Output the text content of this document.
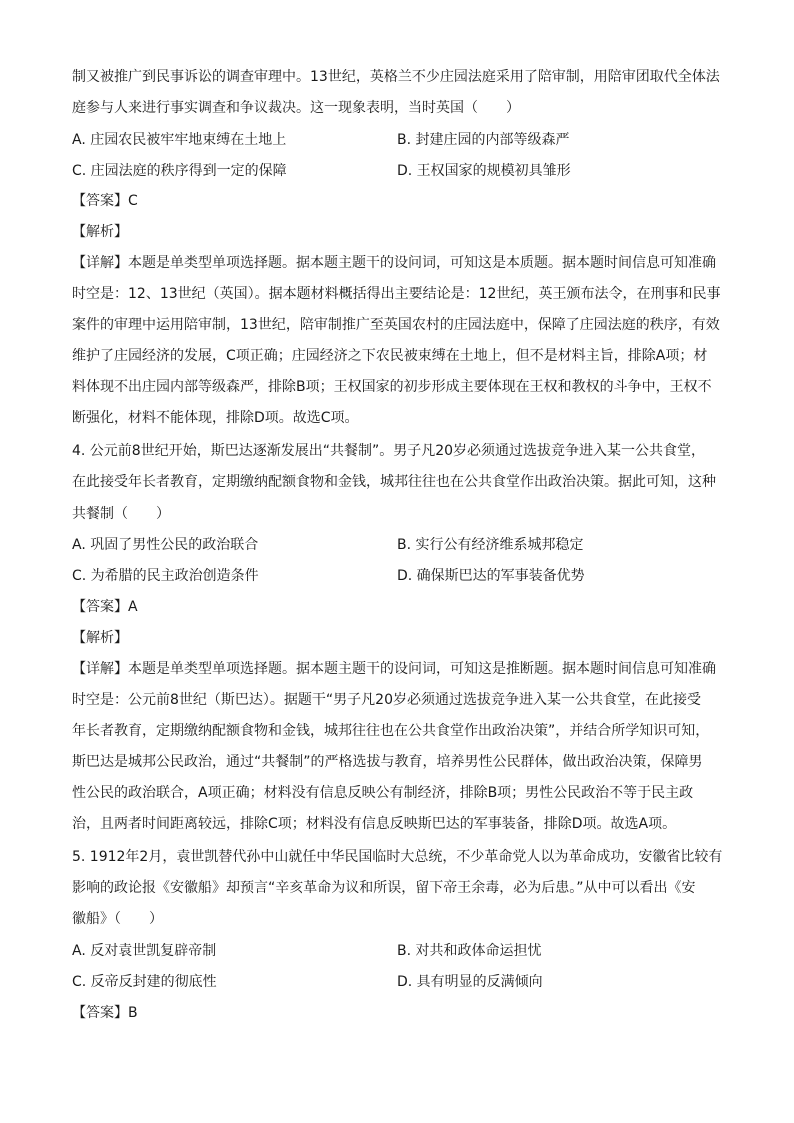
制又被推广到民事诉讼的调查审理中。13世纪，英格兰不少庄园法庭采用了陪审制，用陪审团取代全体法
庭参与人来进行事实调查和争议裁决。这一现象表明，当时英国（　　）
A. 庄园农民被牢牢地束缚在土地上	B. 封建庄园的内部等级森严
C. 庄园法庭的秩序得到一定的保障	D. 王权国家的规模初具雏形
【答案】C
【解析】
【详解】本题是单类型单项选择题。据本题主题干的设问词，可知这是本质题。据本题时间信息可知准确
时空是：12、13世纪（英国）。据本题材料概括得出主要结论是：12世纪，英王颁布法令，在刑事和民事
案件的审理中运用陪审制，13世纪，陪审制推广至英国农村的庄园法庭中，保障了庄园法庭的秩序，有效
维护了庄园经济的发展，C项正确；庄园经济之下农民被束缚在土地上，但不是材料主旨，排除A项；材
料体现不出庄园内部等级森严，排除B项；王权国家的初步形成主要体现在王权和教权的斗争中，王权不
断强化，材料不能体现，排除D项。故选C项。
4. 公元前8世纪开始，斯巴达逐渐发展出“共餐制”。男子凡20岁必须通过选拔竞争进入某一公共食堂，
在此接受年长者教育，定期缴纳配额食物和金钱，城邦往往也在公共食堂作出政治决策。据此可知，这种
共餐制（　　）
A. 巩固了男性公民的政治联合	B. 实行公有经济维系城邦稳定
C. 为希腊的民主政治创造条件	D. 确保斯巴达的军事装备优势
【答案】A
【解析】
【详解】本题是单类型单项选择题。据本题主题干的设问词，可知这是推断题。据本题时间信息可知准确
时空是：公元前8世纪（斯巴达）。据题干“男子凡20岁必须通过选拔竞争进入某一公共食堂，在此接受
年长者教育，定期缴纳配额食物和金钱，城邦往往也在公共食堂作出政治决策”，并结合所学知识可知，
斯巴达是城邦公民政治，通过“共餐制”的严格选拔与教育，培养男性公民群体，做出政治决策，保障男
性公民的政治联合，A项正确；材料没有信息反映公有制经济，排除B项；男性公民政治不等于民主政
治，且两者时间距离较远，排除C项；材料没有信息反映斯巴达的军事装备，排除D项。故选A项。
5. 1912年2月，袁世凯替代孙中山就任中华民国临时大总统，不少革命党人以为革命成功，安徽省比较有
影响的政论报《安徽船》却预言“辛亥革命为议和所误，留下帝王余毒，必为后患。”从中可以看出《安
徽船》（　　）
A. 反对袁世凯复辟帝制	B. 对共和政体命运担忧
C. 反帝反封建的彻底性	D. 具有明显的反满倾向
【答案】B
